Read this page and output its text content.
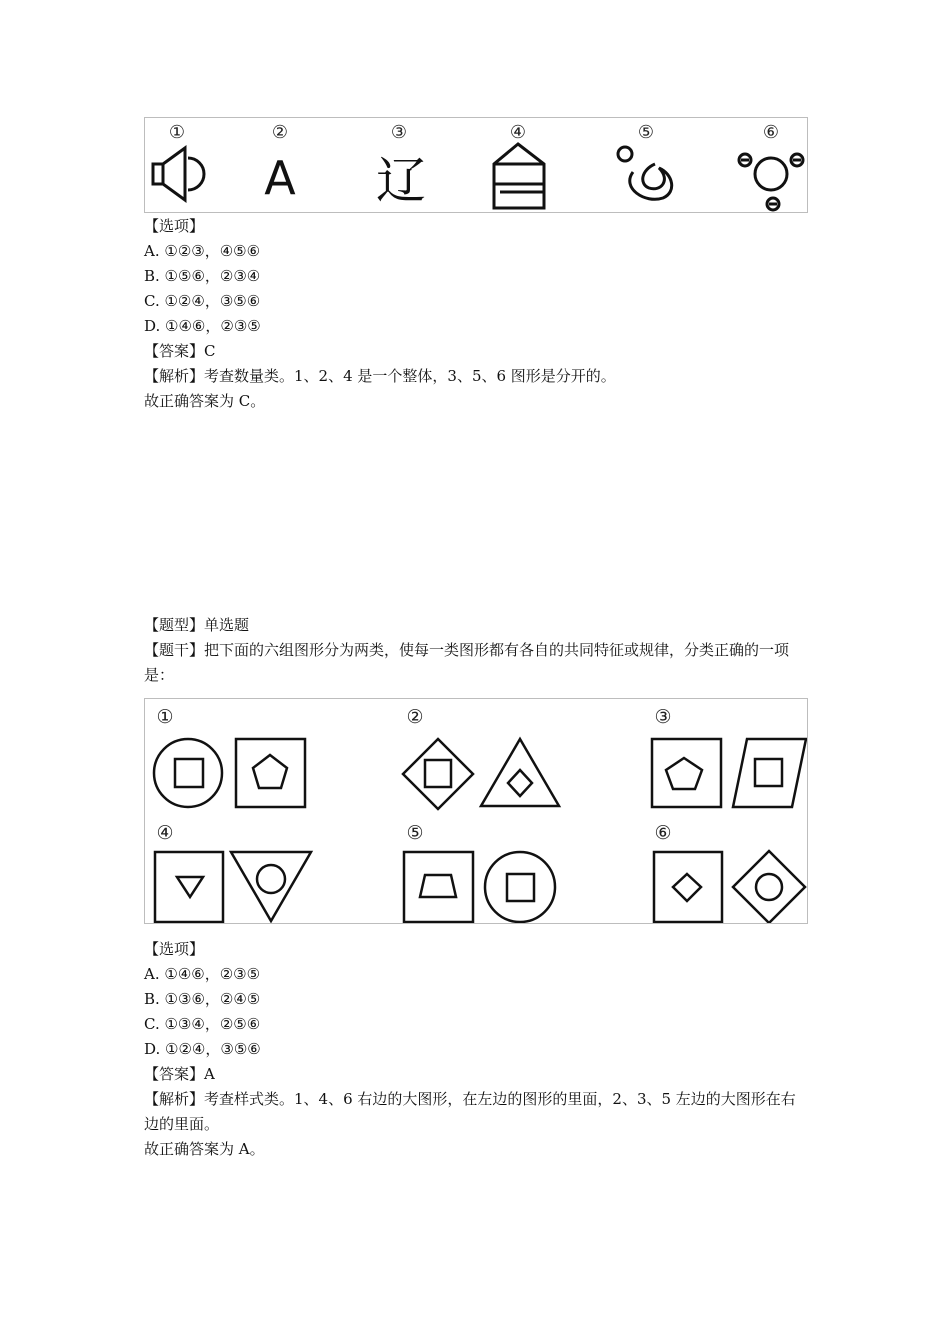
①	②	③	④	⑤	⑥
A 辽
【选项】
A. ①②③，④⑤⑥
B. ①⑤⑥，②③④
C. ①②④，③⑤⑥
D. ①④⑥，②③⑤
【答案】C
【解析】考查数量类。1、2、4 是一个整体，3、5、6 图形是分开的。
故正确答案为 C。
【题型】单选题
【题干】把下面的六组图形分为两类，使每一类图形都有各自的共同特征或规律，分类正确的一项是：
①	②	③
④	⑤	⑥
【选项】
A. ①④⑥，②③⑤
B. ①③⑥，②④⑤
C. ①③④，②⑤⑥
D. ①②④，③⑤⑥
【答案】A
【解析】考查样式类。1、4、6 右边的大图形，在左边的图形的里面，2、3、5 左边的大图形在右边的里面。
故正确答案为 A。
